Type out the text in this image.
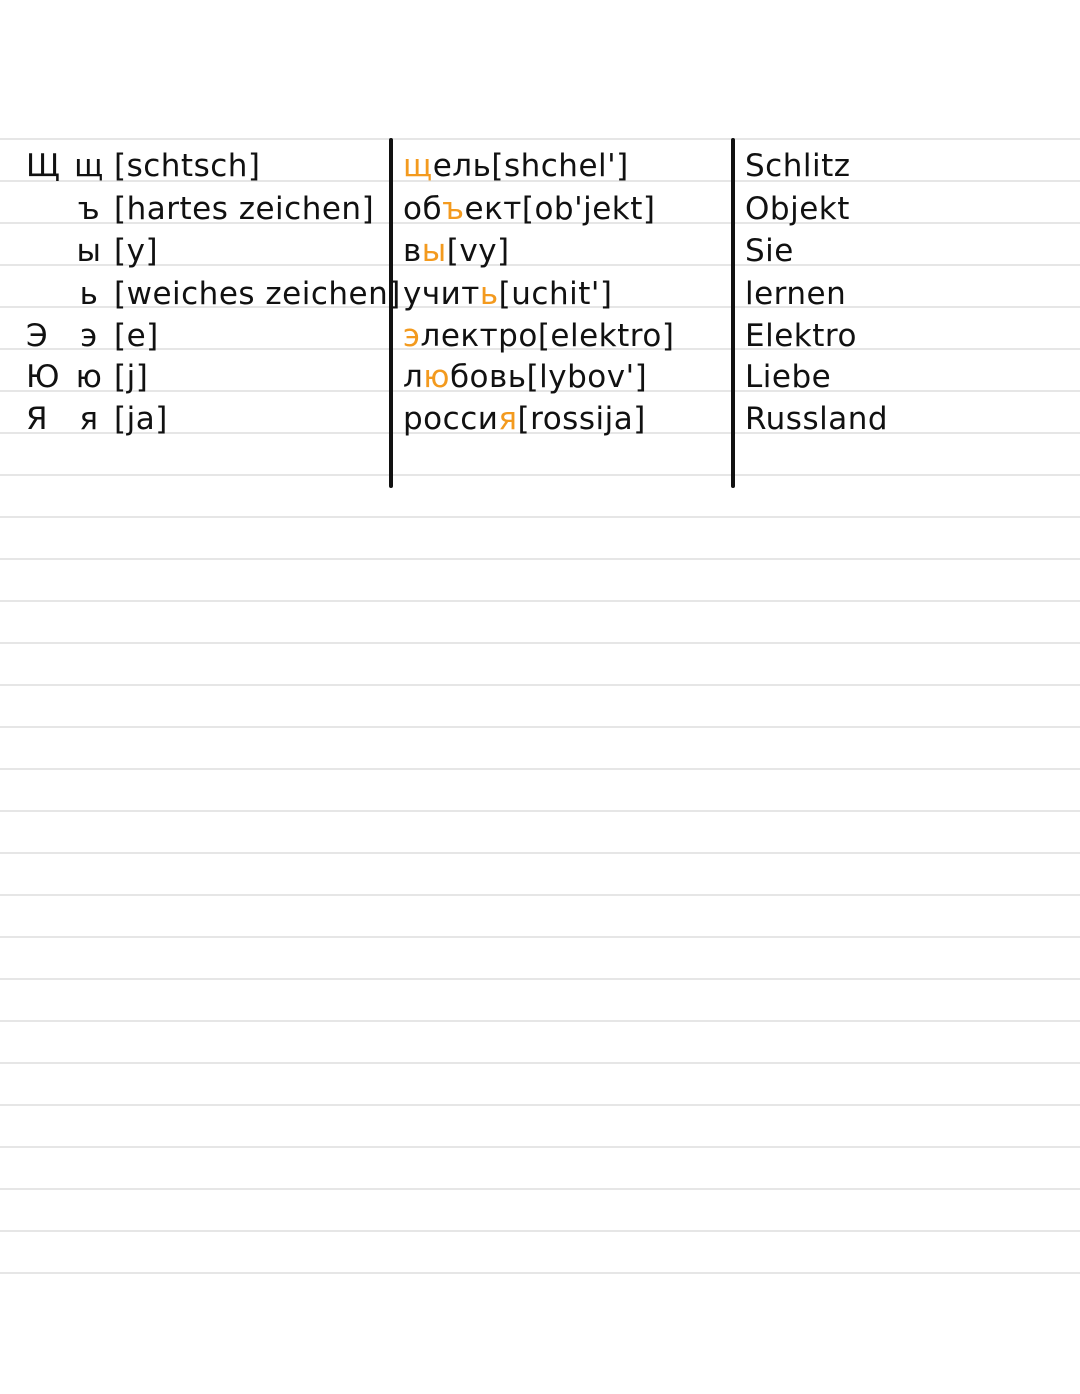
Щ щ [schtsch]	щель[shchel']	Schlitz
ъ [hartes zeichen] объект[ob'jekt]	Objekt
ы [y]	вы[vy]	Sie
ь [weiches zeichen] учить[uchit']	lernen
Э	э [e]	электро[elektro]	Elektro
Ю ю [j]	любовь[lybov']	Liebe
Я	я [ja]	россия[rossija]	Russland
